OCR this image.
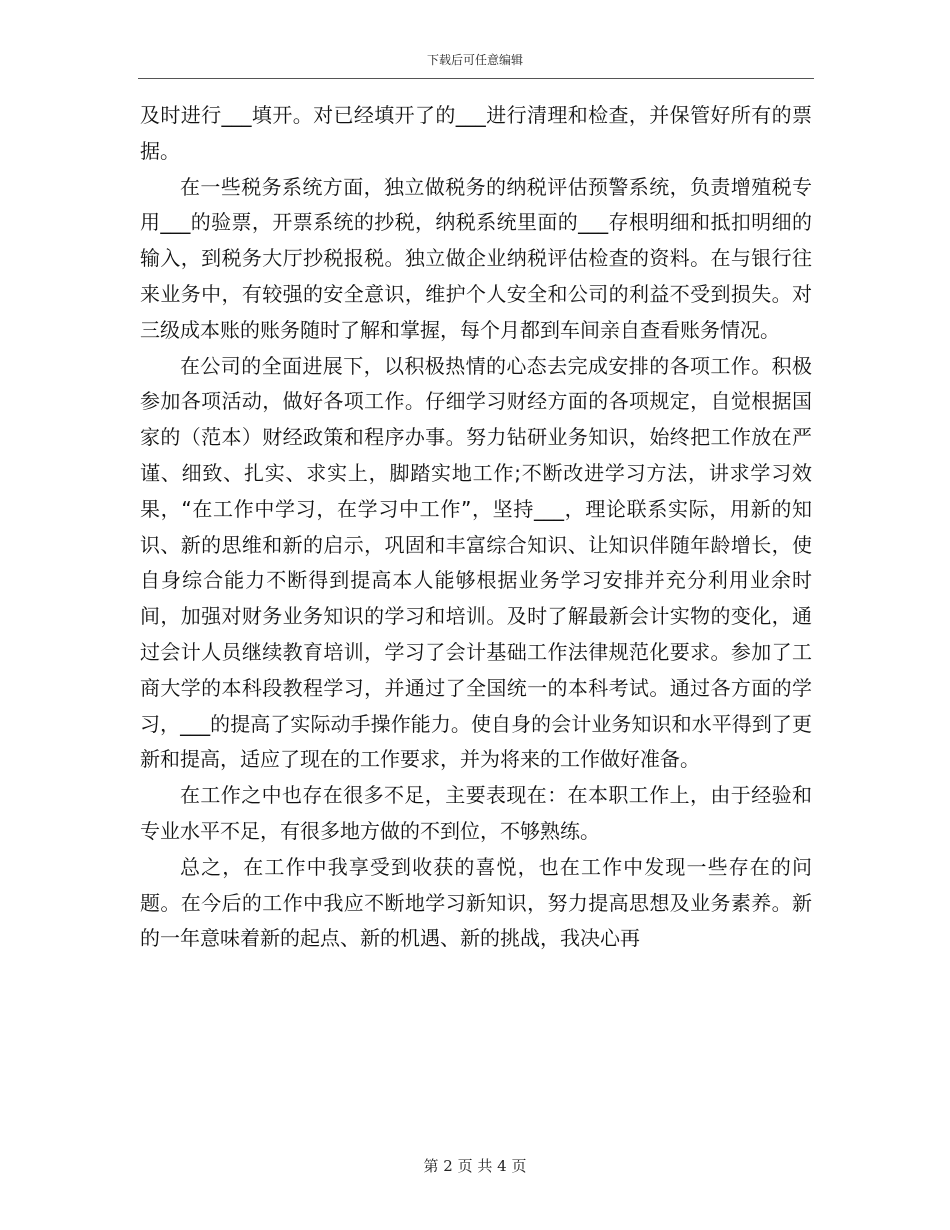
下载后可任意编辑

及时进行___填开。对已经填开了的___进行清理和检查，并保管好所有的票据。

在一些税务系统方面，独立做税务的纳税评估预警系统，负责增殖税专用___的验票，开票系统的抄税，纳税系统里面的___存根明细和抵扣明细的输入，到税务大厅抄税报税。独立做企业纳税评估检查的资料。在与银行往来业务中，有较强的安全意识，维护个人安全和公司的利益不受到损失。对三级成本账的账务随时了解和掌握，每个月都到车间亲自查看账务情况。

在公司的全面进展下，以积极热情的心态去完成安排的各项工作。积极参加各项活动，做好各项工作。仔细学习财经方面的各项规定，自觉根据国家的（范本）财经政策和程序办事。努力钻研业务知识，始终把工作放在严谨、细致、扎实、求实上，脚踏实地工作;不断改进学习方法，讲求学习效果，“在工作中学习，在学习中工作”，坚持___，理论联系实际，用新的知识、新的思维和新的启示，巩固和丰富综合知识、让知识伴随年龄增长，使自身综合能力不断得到提高本人能够根据业务学习安排并充分利用业余时间，加强对财务业务知识的学习和培训。及时了解最新会计实物的变化，通过会计人员继续教育培训，学习了会计基础工作法律规范化要求。参加了工商大学的本科段教程学习，并通过了全国统一的本科考试。通过各方面的学习，___的提高了实际动手操作能力。使自身的会计业务知识和水平得到了更新和提高，适应了现在的工作要求，并为将来的工作做好准备。

在工作之中也存在很多不足，主要表现在：在本职工作上，由于经验和专业水平不足，有很多地方做的不到位，不够熟练。

总之，在工作中我享受到收获的喜悦，也在工作中发现一些存在的问题。在今后的工作中我应不断地学习新知识，努力提高思想及业务素养。新的一年意味着新的起点、新的机遇、新的挑战，我决心再

第 2 页 共 4 页
